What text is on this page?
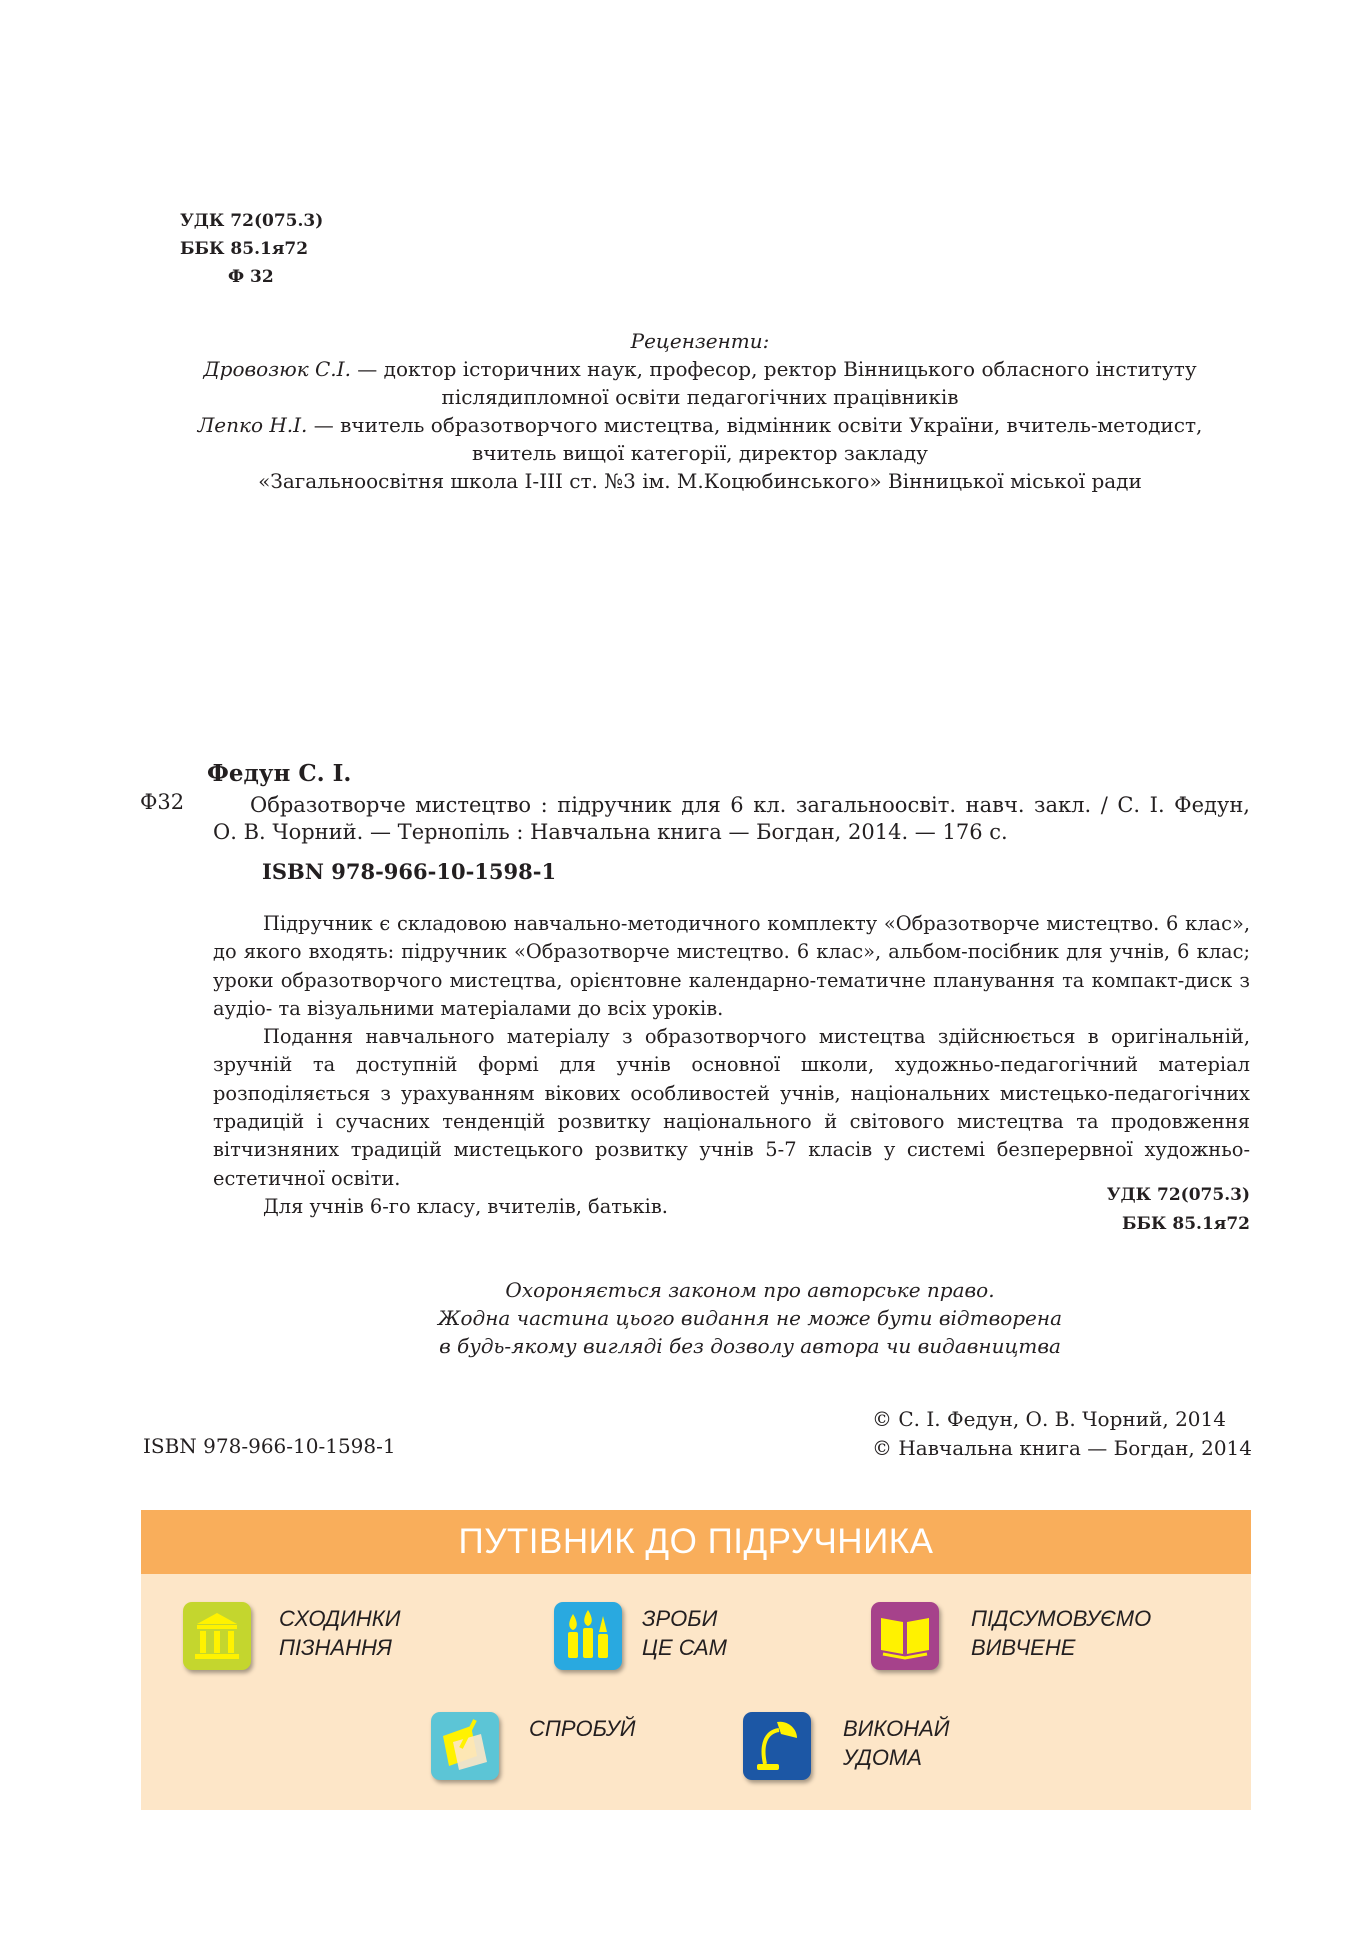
УДК 72(075.3)
ББК 85.1я72
Ф 32
Рецензенти:
Дровозюк С.І. — доктор історичних наук, професор, ректор Вінницького обласного інституту
післядипломної освіти педагогічних працівників
Лепко Н.І. — вчитель образотворчого мистецтва, відмінник освіти України, вчитель-методист,
вчитель вищої категорії, директор закладу
«Загальноосвітня школа І-ІІІ ст. №3 ім. М.Коцюбинського» Вінницької міської ради
Федун С. І.
Ф32	Образотворче мистецтво : підручник для 6 кл. загальноосвіт. навч. закл. / С. І. Федун,
О. В. Чорний. — Тернопіль : Навчальна книга — Богдан, 2014. — 176 с.
ISBN 978-966-10-1598-1

Підручник є складовою навчально-методичного комплекту «Образотворче мистецтво. 6 клас», до якого входять: підручник «Образотворче мистецтво. 6 клас», альбом-посібник для учнів, 6 клас; уроки образотворчого мистецтва, орієнтовне календарно-тематичне планування та компакт-диск з аудіо- та візуальними матеріалами до всіх уроків.

Подання навчального матеріалу з образотворчого мистецтва здійснюється в оригінальній, зручній та доступній формі для учнів основної школи, художньо-педагогічний матеріал розподіляється з урахуванням вікових особливостей учнів, національних мистецько-педагогічних традицій і сучасних тенденцій розвитку національного й світового мистецтва та продовження вітчизняних традицій мистецького розвитку учнів 5-7 класів у системі безперервної художньо-естетичної освіти.

Для учнів 6-го класу, вчителів, батьків.	УДК 72(075.3)
ББК 85.1я72
Охороняється законом про авторське право.
Жодна частина цього видання не може бути відтворена
в будь-якому вигляді без дозволу автора чи видавництва
© С. І. Федун, О. В. Чорний, 2014
© Навчальна книга — Богдан, 2014
ISBN 978-966-10-1598-1
ПУТІВНИК ДО ПІДРУЧНИКА
СХОДИНКИ
ПІЗНАННЯ
ЗРОБИ
ЦЕ САМ
ПІДСУМОВУЄМО
ВИВЧЕНЕ
СПРОБУЙ	ВИКОНАЙ
УДОМА
